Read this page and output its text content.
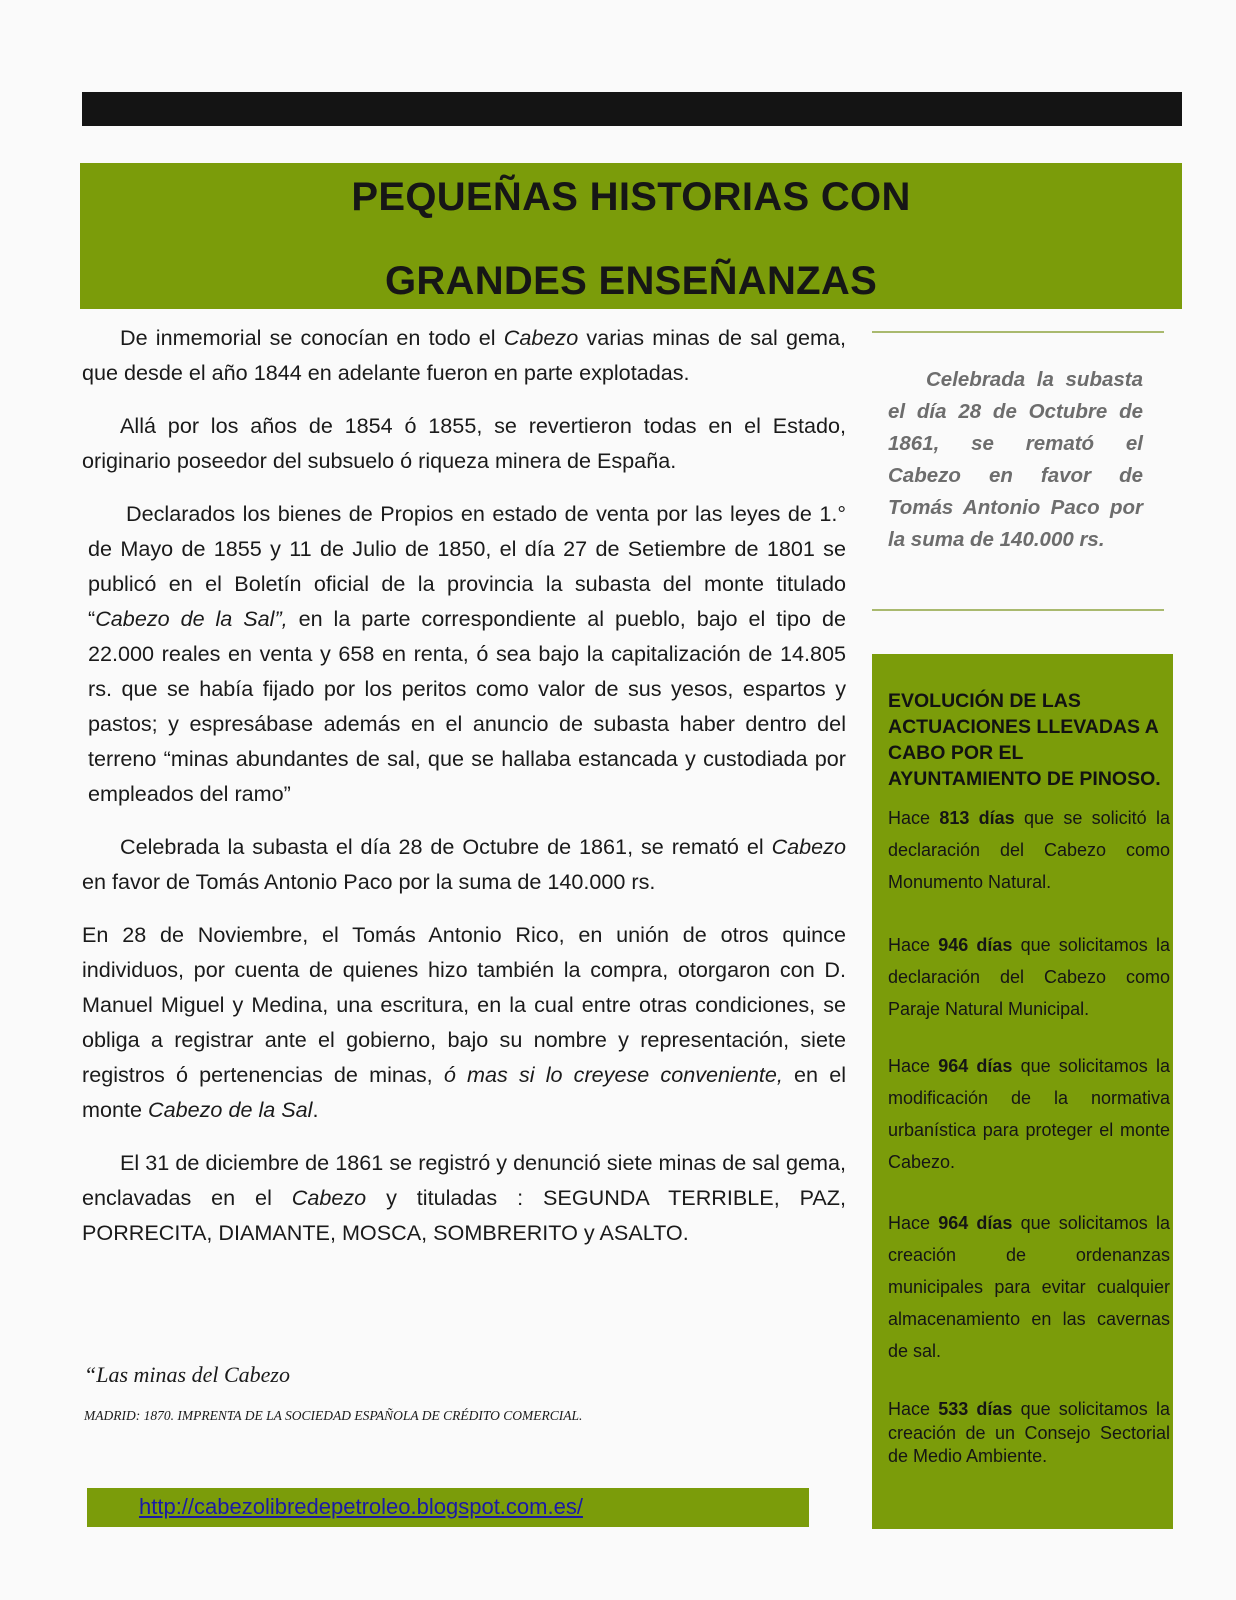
PEQUEÑAS HISTORIAS CON
GRANDES ENSEÑANZAS

De inmemorial se conocían en todo el Cabezo varias minas de sal gema, que desde el año 1844 en adelante fueron en parte explotadas.

Allá por los años de 1854 ó 1855, se revertieron todas en el Estado, originario poseedor del subsuelo ó riqueza minera de España.

Declarados los bienes de Propios en estado de venta por las leyes de 1.° de Mayo de 1855 y 11 de Julio de 1850, el día 27 de Setiembre de 1801 se publicó en el Boletín oficial de la provincia la subasta del monte titulado “Cabezo de la Sal”, en la parte correspondiente al pueblo, bajo el tipo de 22.000 reales en venta y 658 en renta, ó sea bajo la capitalización de 14.805 rs. que se había fijado por los peritos como valor de sus yesos, espartos y pastos; y espresábase además en el anuncio de subasta haber dentro del terreno “minas abundantes de sal, que se hallaba estancada y custodiada por empleados del ramo”

Celebrada la subasta el día 28 de Octubre de 1861, se remató el Cabezo en favor de Tomás Antonio Paco por la suma de 140.000 rs.

En 28 de Noviembre, el Tomás Antonio Rico, en unión de otros quince individuos, por cuenta de quienes hizo también la compra, otorgaron con D. Manuel Miguel y Medina, una escritura, en la cual entre otras condiciones, se obliga a registrar ante el gobierno, bajo su nombre y representación, siete registros ó pertenencias de minas, ó mas si lo creyese conveniente, en el monte Cabezo de la Sal.

El 31 de diciembre de 1861 se registró y denunció siete minas de sal gema, enclavadas en el Cabezo y tituladas : SEGUNDA TERRIBLE, PAZ, PORRECITA, DIAMANTE, MOSCA, SOMBRERITO y ASALTO.

“Las minas del Cabezo
MADRID: 1870. IMPRENTA DE LA SOCIEDAD ESPAÑOLA DE CRÉDITO COMERCIAL.
http://cabezolibredepetroleo.blogspot.com.es/
Celebrada la subasta el día 28 de Octubre de 1861, se remató el Cabezo en favor de Tomás Antonio Paco por la suma de 140.000 rs.
EVOLUCIÓN DE LAS ACTUACIONES LLEVADAS A CABO POR EL AYUNTAMIENTO DE PINOSO.
Hace 813 días que se solicitó la declaración del Cabezo como Monumento Natural.
Hace 946 días que solicitamos la declaración del Cabezo como Paraje Natural Municipal.
Hace 964 días que solicitamos la modificación de la normativa urbanística para proteger el monte Cabezo.
Hace 964 días que solicitamos la creación de ordenanzas municipales para evitar cualquier almacenamiento en las cavernas de sal.
Hace 533 días que solicitamos la creación de un Consejo Sectorial de Medio Ambiente.
